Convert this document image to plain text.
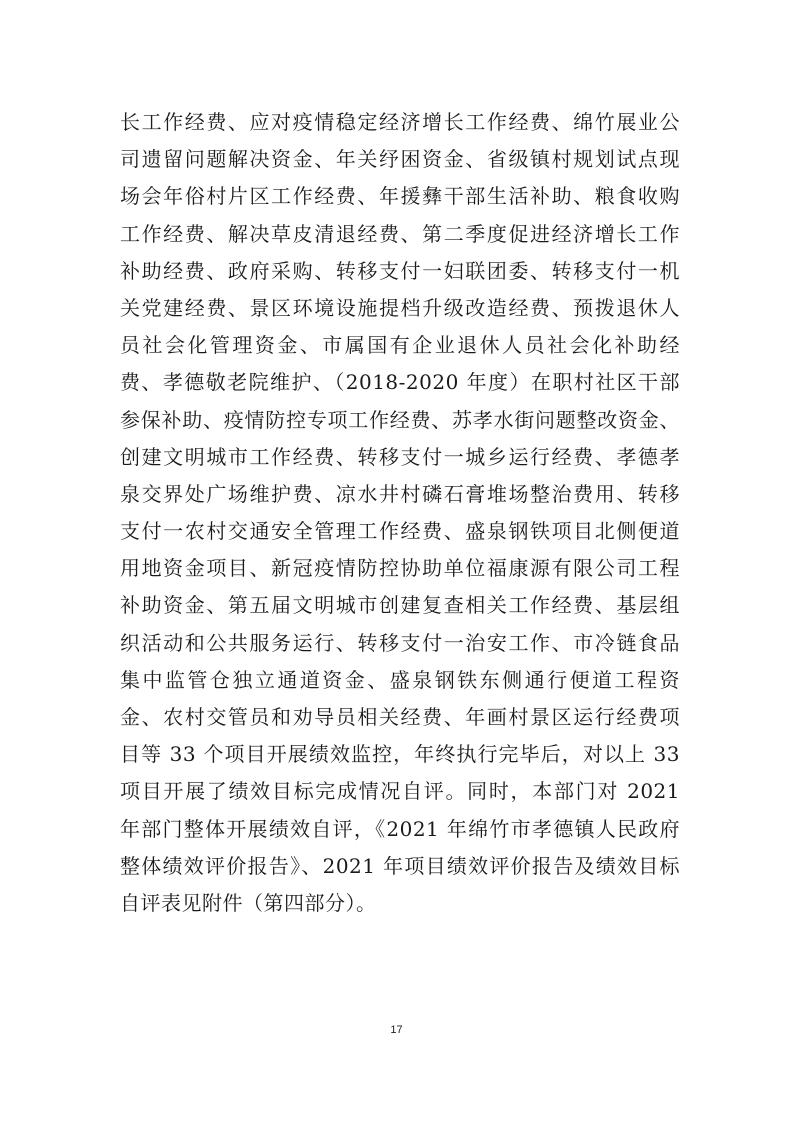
长工作经费、应对疫情稳定经济增长工作经费、绵竹展业公
司遗留问题解决资金、年关纾困资金、省级镇村规划试点现
场会年俗村片区工作经费、年援彝干部生活补助、粮食收购
工作经费、解决草皮清退经费、第二季度促进经济增长工作
补助经费、政府采购、转移支付一妇联团委、转移支付一机
关党建经费、景区环境设施提档升级改造经费、预拨退休人
员社会化管理资金、市属国有企业退休人员社会化补助经
费、孝德敬老院维护、（2018-2020 年度）在职村社区干部
参保补助、疫情防控专项工作经费、苏孝水街问题整改资金、
创建文明城市工作经费、转移支付一城乡运行经费、孝德孝
泉交界处广场维护费、凉水井村磷石膏堆场整治费用、转移
支付一农村交通安全管理工作经费、盛泉钢铁项目北侧便道
用地资金项目、新冠疫情防控协助单位福康源有限公司工程
补助资金、第五届文明城市创建复查相关工作经费、基层组
织活动和公共服务运行、转移支付一治安工作、市冷链食品
集中监管仓独立通道资金、盛泉钢铁东侧通行便道工程资
金、农村交管员和劝导员相关经费、年画村景区运行经费项
目等 33 个项目开展绩效监控，年终执行完毕后，对以上 33
项目开展了绩效目标完成情况自评。同时，本部门对 2021
年部门整体开展绩效自评，《2021 年绵竹市孝德镇人民政府
整体绩效评价报告》、2021 年项目绩效评价报告及绩效目标
自评表见附件（第四部分）。
17
